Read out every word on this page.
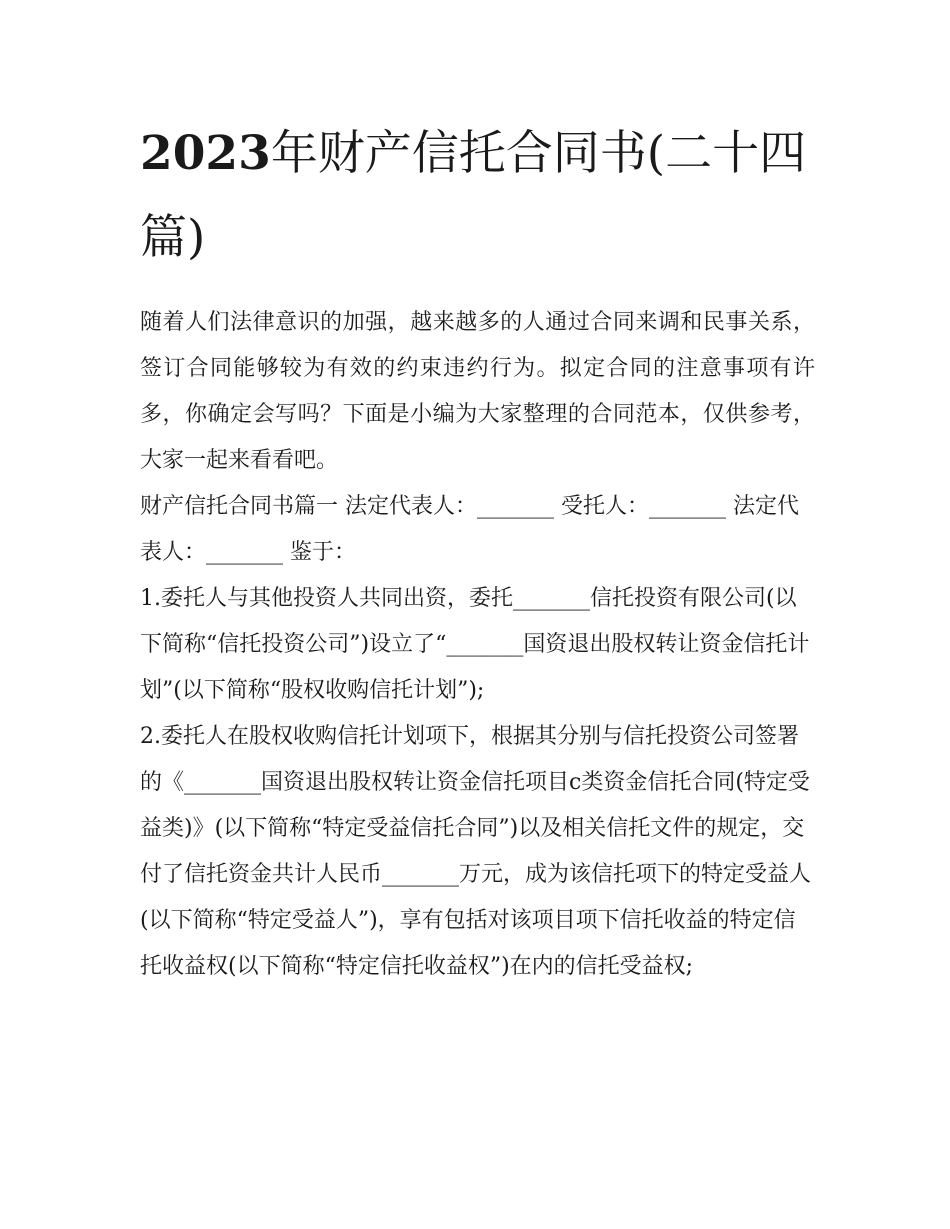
2023年财产信托合同书(二十四篇)

随着人们法律意识的加强，越来越多的人通过合同来调和民事关系，签订合同能够较为有效的约束违约行为。拟定合同的注意事项有许多，你确定会写吗？下面是小编为大家整理的合同范本，仅供参考，大家一起来看看吧。

财产信托合同书篇一 法定代表人：_______ 受托人：_______ 法定代表人：_______ 鉴于：

1.委托人与其他投资人共同出资，委托_______信托投资有限公司(以下简称“信托投资公司”)设立了“_______国资退出股权转让资金信托计划”(以下简称“股权收购信托计划”);

2.委托人在股权收购信托计划项下，根据其分别与信托投资公司签署的《_______国资退出股权转让资金信托项目c类资金信托合同(特定受益类)》(以下简称“特定受益信托合同”)以及相关信托文件的规定，交付了信托资金共计人民币_______万元，成为该信托项下的特定受益人(以下简称“特定受益人”)，享有包括对该项目项下信托收益的特定信托收益权(以下简称“特定信托收益权”)在内的信托受益权;
